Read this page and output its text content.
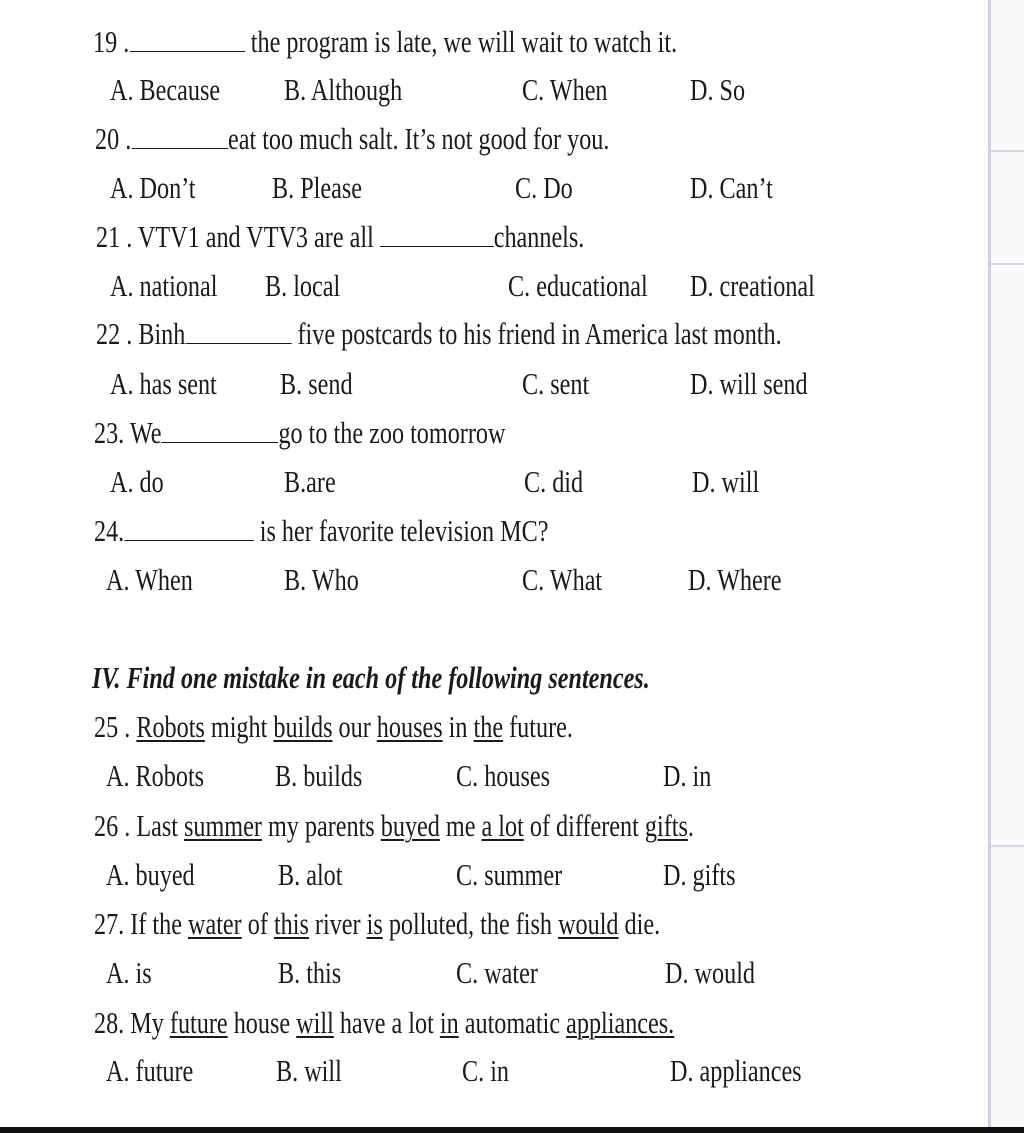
19 .	the program is late, we will wait to watch it.
A. Because B. Although	C. When	D. So
20 .	eat too much salt. It’s not good for you.
A. Don’t B. Please	C. Do	D. Can’t
21 . VTV1 and VTV3 are all	channels.
A. national B. local	C. educational D. creational
22 . Binh	five postcards to his friend in America last month.
A. has sent B. send	C. sent	D. will send
23. We	go to the zoo tomorrow
A. do	B.are	C. did	D. will
24.	is her favorite television MC?
A. When	B. Who	C. What	D. Where
IV. Find one mistake in each of the following sentences.
25 . Robots might builds our houses in the future.
A. Robots B. builds	C. houses	D. in
26 . Last summer my parents buyed me a lot of different gifts.
A. buyed	B. alot	C. summer	D. gifts
27. If the water of this river is polluted, the fish would die.
A. is	B. this	C. water	D. would
28. My future house will have a lot in automatic appliances.
A. future	B. will	C. in	D. appliances
